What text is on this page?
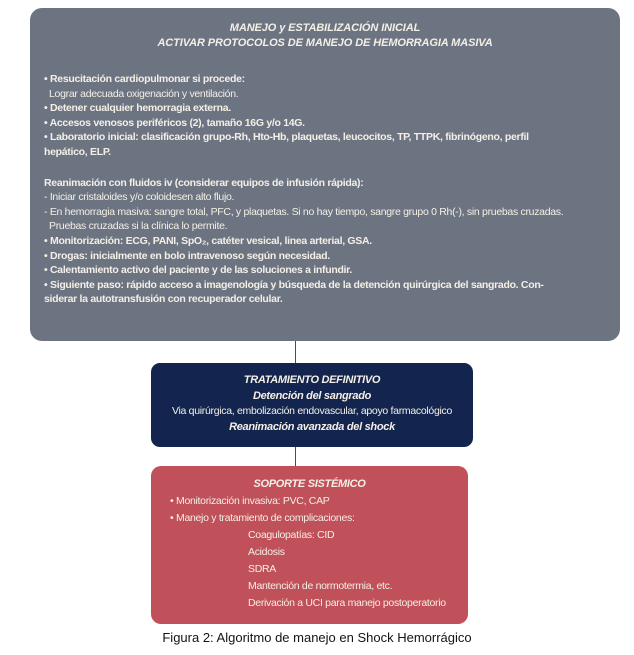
MANEJO y ESTABILIZACIÓN INICIAL
ACTIVAR PROTOCOLOS DE MANEJO DE HEMORRAGIA MASIVA
• Resucitación cardiopulmonar si procede:
Lograr adecuada oxigenación y ventilación.
• Detener cualquier hemorragia externa.
• Accesos venosos periféricos (2), tamaño 16G y/o 14G.
• Laboratorio inicial: clasificación grupo-Rh, Hto-Hb, plaquetas, leucocitos, TP, TTPK, fibrinógeno, perfil
hepático, ELP.
Reanimación con fluidos iv (considerar equipos de infusión rápida):
- Iniciar cristaloides y/o coloidesen alto flujo.
- En hemorragia masiva: sangre total, PFC, y plaquetas. Si no hay tiempo, sangre grupo 0 Rh(-), sin pruebas cruzadas.
Pruebas cruzadas si la clínica lo permite.
• Monitorización: ECG, PANI, SpO₂, catéter vesical, linea arterial, GSA.
• Drogas: inicialmente en bolo intravenoso según necesidad.
• Calentamiento activo del paciente y de las soluciones a infundir.
• Siguiente paso: rápido acceso a imagenología y búsqueda de la detención quirúrgica del sangrado. Con-
siderar la autotransfusión con recuperador celular.
TRATAMIENTO DEFINITIVO
Detención del sangrado
Via quirúrgica, embolización endovascular, apoyo farmacológico
Reanimación avanzada del shock
SOPORTE SISTÉMICO
• Monitorización invasiva: PVC, CAP
• Manejo y tratamiento de complicaciones:
Coagulopatías: CID
Acidosis
SDRA
Mantención de normotermia, etc.
Derivación a UCI para manejo postoperatorio
Figura 2: Algoritmo de manejo en Shock Hemorrágico
